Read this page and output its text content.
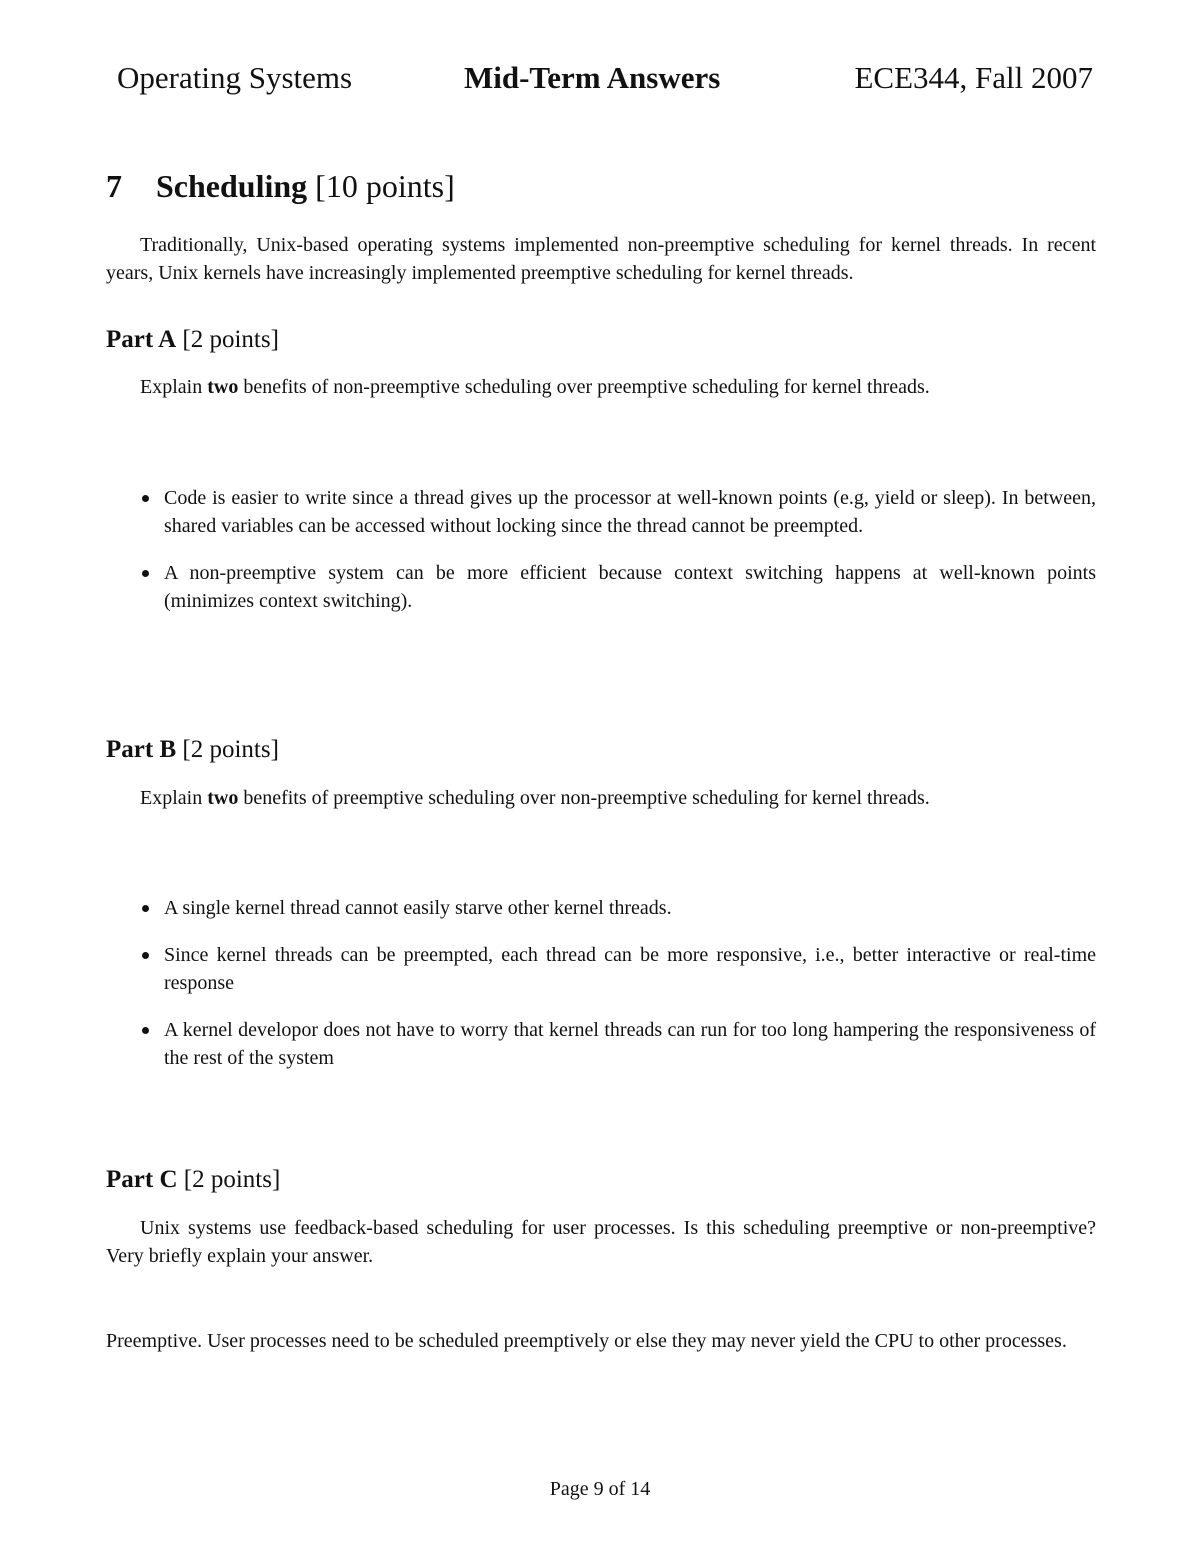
Operating Systems	Mid-Term Answers	ECE344, Fall 2007
7 Scheduling [10 points]
Traditionally, Unix-based operating systems implemented non-preemptive scheduling for kernel threads. In recent years, Unix kernels have increasingly implemented preemptive scheduling for kernel threads.
Part A [2 points]
Explain two benefits of non-preemptive scheduling over preemptive scheduling for kernel threads.
Code is easier to write since a thread gives up the processor at well-known points (e.g, yield or sleep). In between, shared variables can be accessed without locking since the thread cannot be preempted.
A non-preemptive system can be more efficient because context switching happens at well-known points (minimizes context switching).
Part B [2 points]
Explain two benefits of preemptive scheduling over non-preemptive scheduling for kernel threads.
A single kernel thread cannot easily starve other kernel threads.
Since kernel threads can be preempted, each thread can be more responsive, i.e., better interactive or real-time response
A kernel developor does not have to worry that kernel threads can run for too long hampering the responsiveness of the rest of the system
Part C [2 points]
Unix systems use feedback-based scheduling for user processes. Is this scheduling preemptive or non-preemptive? Very briefly explain your answer.
Preemptive. User processes need to be scheduled preemptively or else they may never yield the CPU to other processes.
Page 9 of 14
